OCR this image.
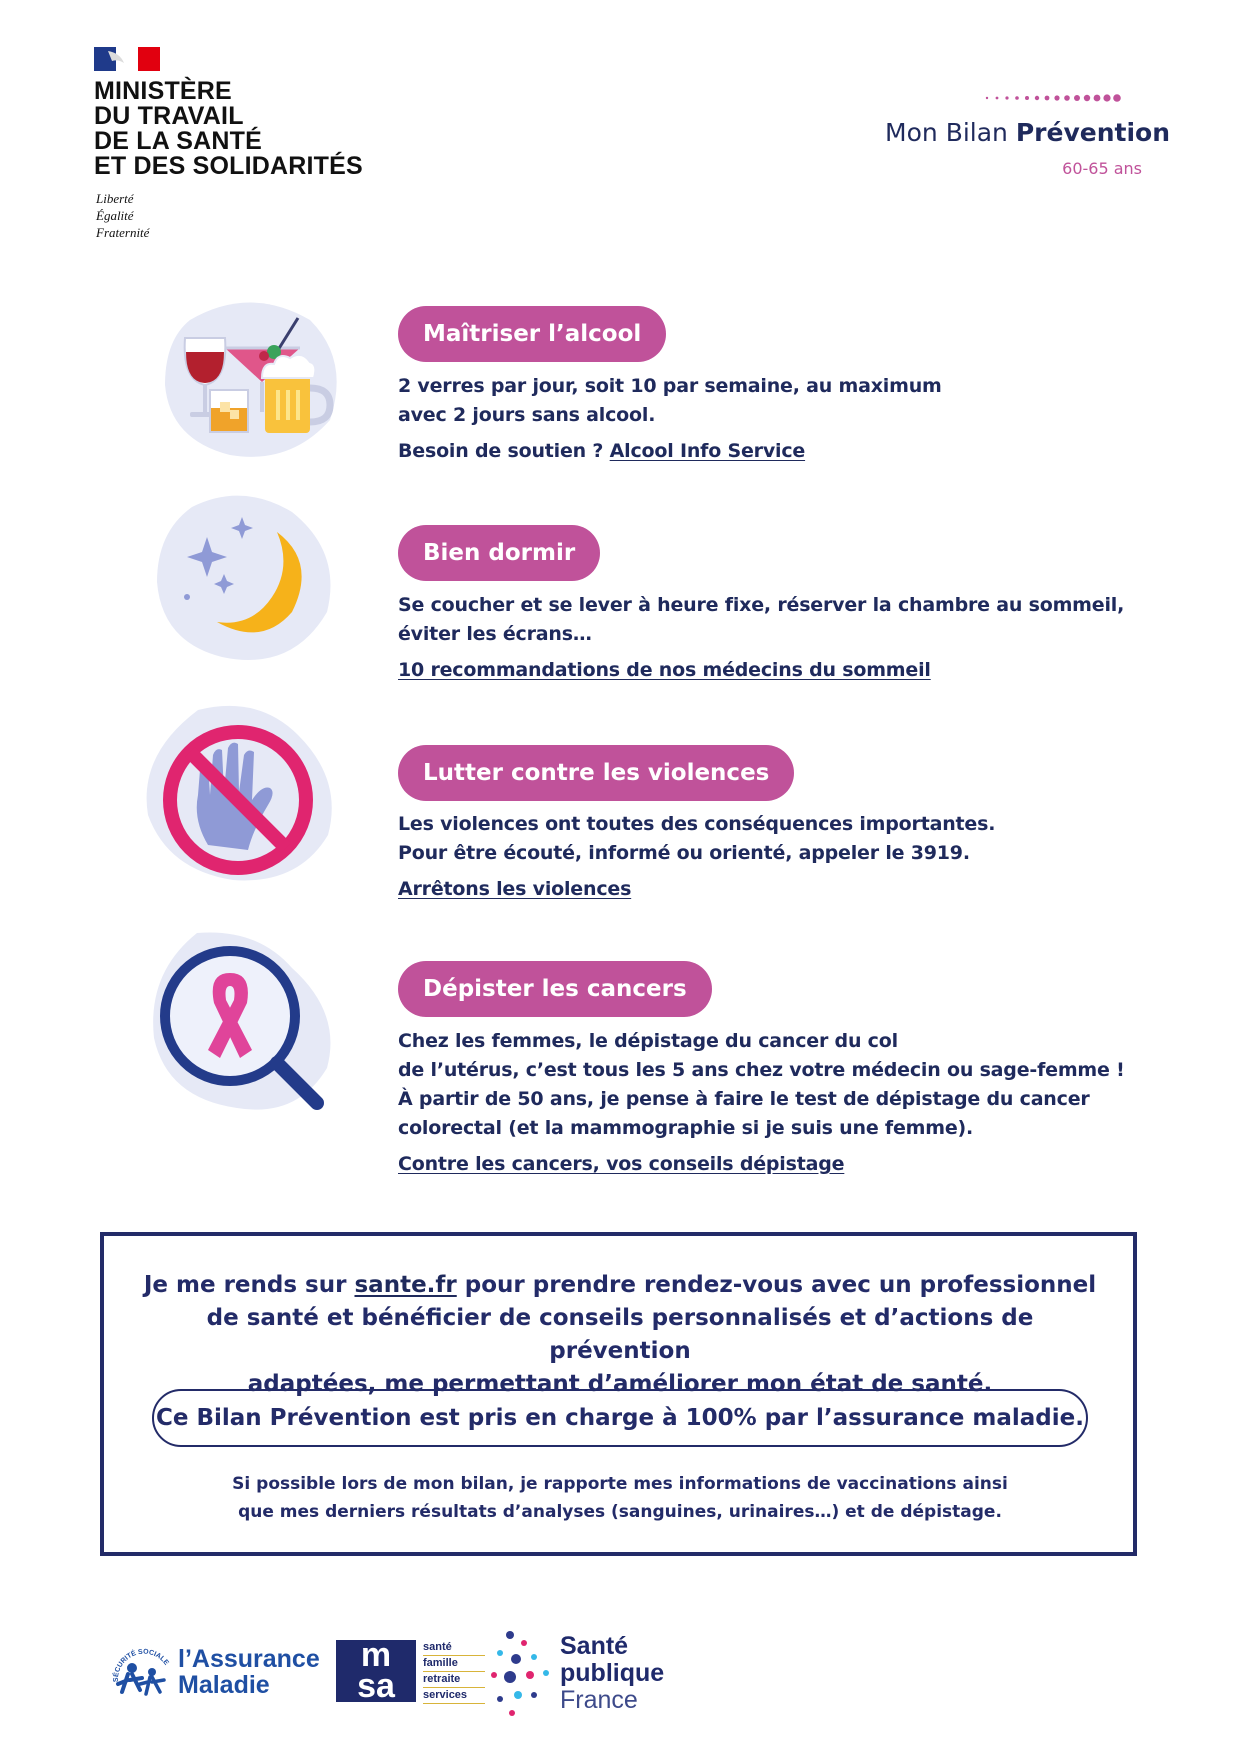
MINISTÈRE
DU TRAVAIL
DE LA SANTÉ
ET DES SOLIDARITÉS
Liberté
Égalité
Fraternité
Mon Bilan Prévention
60-65 ans
Maîtriser l’alcool

2 verres par jour, soit 10 par semaine, au maximum

avec 2 jours sans alcool.

Besoin de soutien ? Alcool Info Service

Bien dormir

Se coucher et se lever à heure fixe, réserver la chambre au sommeil,

éviter les écrans…

10 recommandations de nos médecins du sommeil

Lutter contre les violences

Les violences ont toutes des conséquences importantes.

Pour être écouté, informé ou orienté, appeler le 3919.

Arrêtons les violences

Dépister les cancers

Chez les femmes, le dépistage du cancer du col

de l’utérus, c’est tous les 5 ans chez votre médecin ou sage-femme !

À partir de 50 ans, je pense à faire le test de dépistage du cancer

colorectal (et la mammographie si je suis une femme).

Contre les cancers, vos conseils dépistage

Je me rends sur sante.fr pour prendre rendez-vous avec un professionnel

de santé et bénéficier de conseils personnalisés et d’actions de prévention

adaptées, me permettant d’améliorer mon état de santé.

Ce Bilan Prévention est pris en charge à 100% par l’assurance maladie.

Si possible lors de mon bilan, je rapporte mes informations de vaccinations ainsi

que mes derniers résultats d’analyses (sanguines, urinaires…) et de dépistage.

SÉCURITÉ SOCIALE l’Assurance

Maladie

m

sa

santé

famille

retraite

services

Santé

publique

France
